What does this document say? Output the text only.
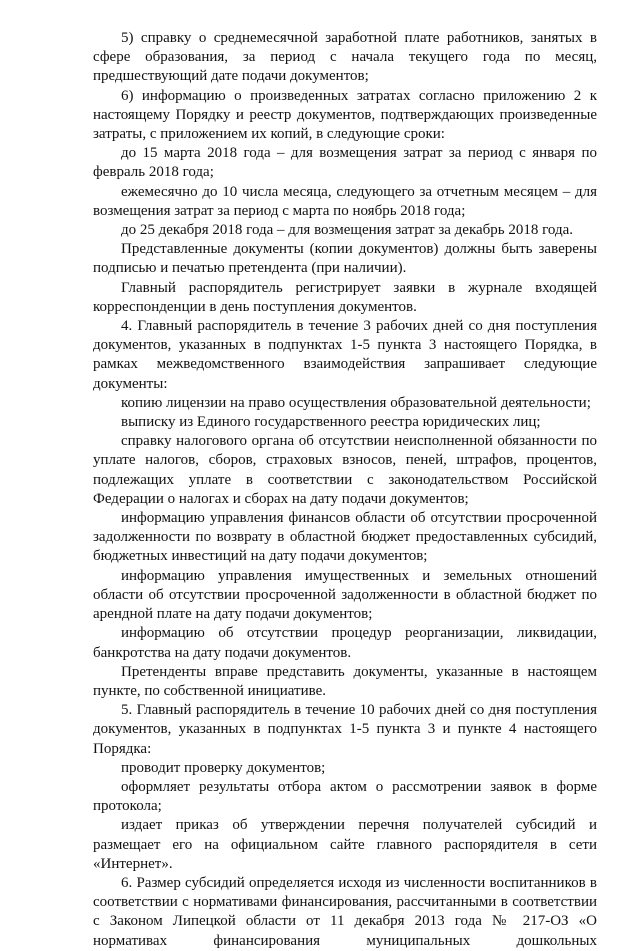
5) справку о среднемесячной заработной плате работников, занятых в сфере образования, за период с начала текущего года по месяц, предшествующий дате подачи документов;

6) информацию о произведенных затратах согласно приложению 2 к настоящему Порядку и реестр документов, подтверждающих произведенные затраты, с приложением их копий, в следующие сроки:

до 15 марта 2018 года – для возмещения затрат за период с января по февраль 2018 года;

ежемесячно до 10 числа месяца, следующего за отчетным месяцем – для возмещения затрат за период с марта по ноябрь 2018 года;

до 25 декабря 2018 года – для возмещения затрат за декабрь 2018 года.

Представленные документы (копии документов) должны быть заверены подписью и печатью претендента (при наличии).

Главный распорядитель регистрирует заявки в журнале входящей корреспонденции в день поступления документов.

4. Главный распорядитель в течение 3 рабочих дней со дня поступления документов, указанных в подпунктах 1-5 пункта 3 настоящего Порядка, в рамках межведомственного взаимодействия запрашивает следующие документы:

копию лицензии на право осуществления образовательной деятельности;

выписку из Единого государственного реестра юридических лиц;

справку налогового органа об отсутствии неисполненной обязанности по уплате налогов, сборов, страховых взносов, пеней, штрафов, процентов, подлежащих уплате в соответствии с законодательством Российской Федерации о налогах и сборах на дату подачи документов;

информацию управления финансов области об отсутствии просроченной задолженности по возврату в областной бюджет предоставленных субсидий, бюджетных инвестиций на дату подачи документов;

информацию управления имущественных и земельных отношений области об отсутствии просроченной задолженности в областной бюджет по арендной плате на дату подачи документов;

информацию об отсутствии процедур реорганизации, ликвидации, банкротства на дату подачи документов.

Претенденты вправе представить документы, указанные в настоящем пункте, по собственной инициативе.

5. Главный распорядитель в течение 10 рабочих дней со дня поступления документов, указанных в подпунктах 1-5 пункта 3 и пункте 4 настоящего Порядка:

проводит проверку документов;

оформляет результаты отбора актом о рассмотрении заявок в форме протокола;

издает приказ об утверждении перечня получателей субсидий и размещает его на официальном сайте главного распорядителя в сети «Интернет».

6. Размер субсидий определяется исходя из численности воспитанников в соответствии с нормативами финансирования, рассчитанными в соответствии с Законом Липецкой области от 11 декабря 2013 года № 217-ОЗ «О нормативах финансирования муниципальных дошкольных
